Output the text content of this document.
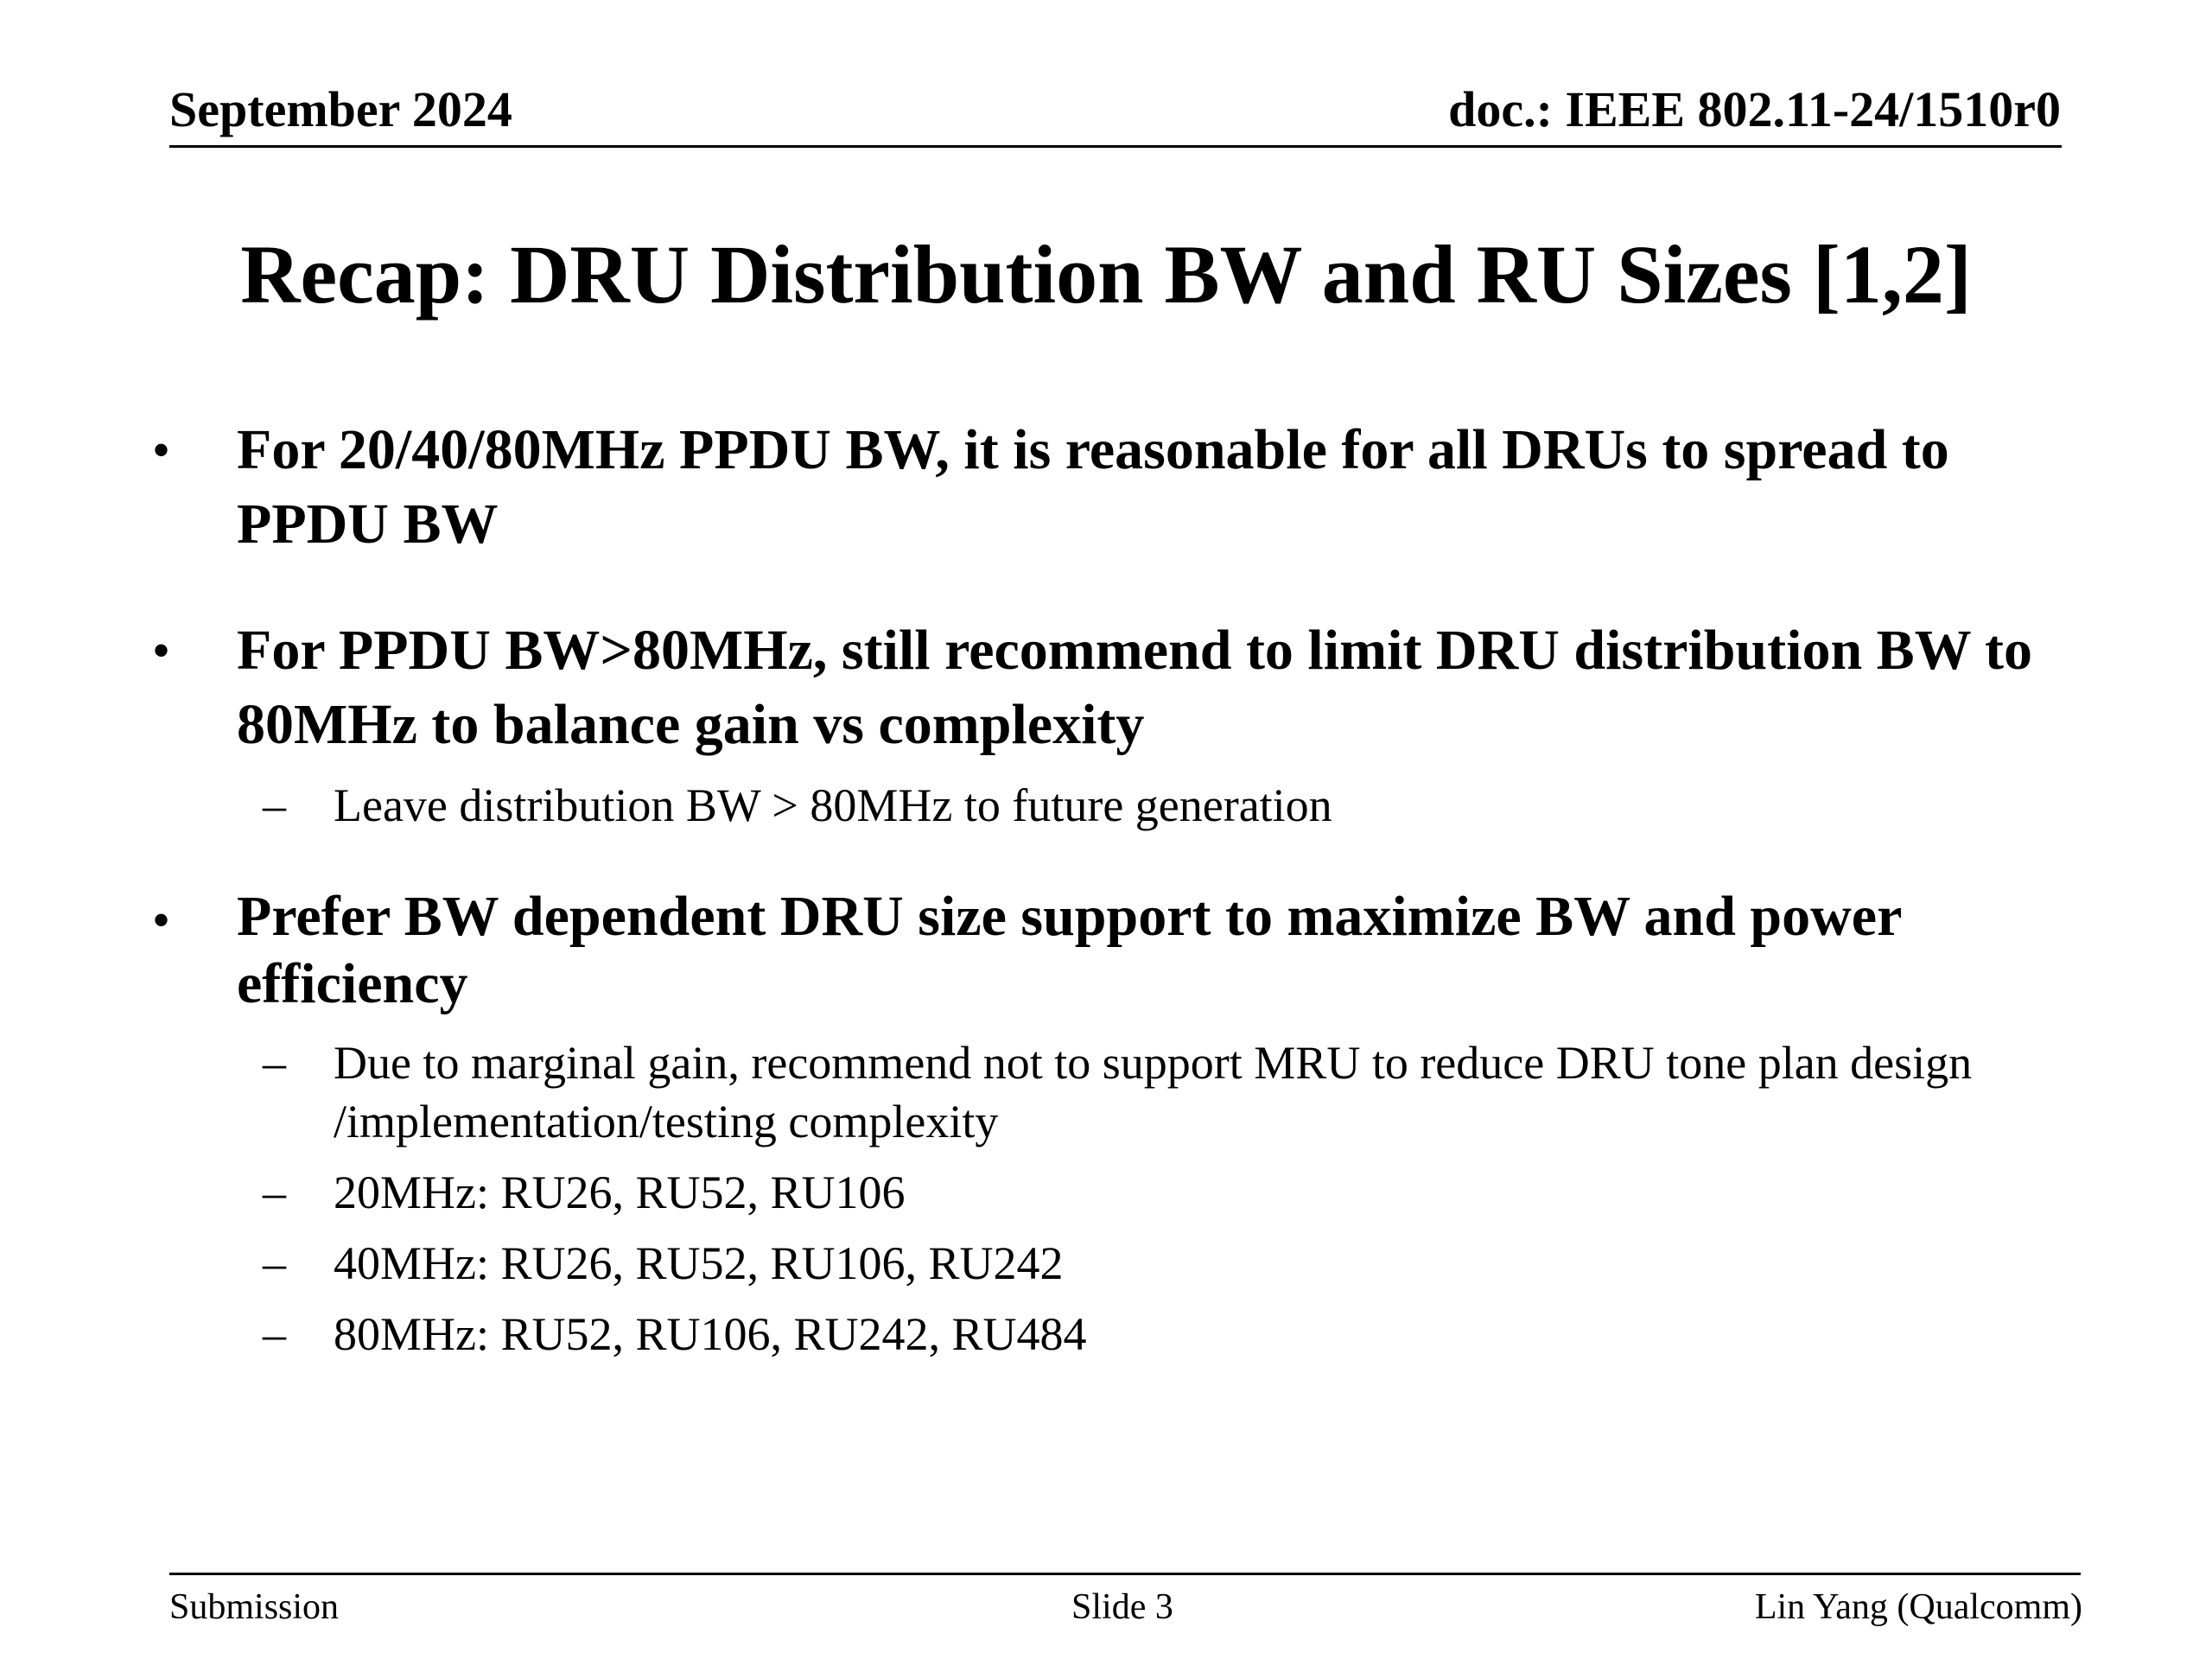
September 2024	doc.: IEEE 802.11-24/1510r0
Recap: DRU Distribution BW and RU Sizes [1,2]
• For 20/40/80MHz PPDU BW, it is reasonable for all DRUs to spread to PPDU BW
• For PPDU BW>80MHz, still recommend to limit DRU distribution BW to 80MHz to balance gain vs complexity
– Leave distribution BW > 80MHz to future generation
• Prefer BW dependent DRU size support to maximize BW and power efficiency
– Due to marginal gain, recommend not to support MRU to reduce DRU tone plan design /implementation/testing complexity
– 20MHz: RU26, RU52, RU106
– 40MHz: RU26, RU52, RU106, RU242
– 80MHz: RU52, RU106, RU242, RU484
Submission	Slide 3	Lin Yang (Qualcomm)
